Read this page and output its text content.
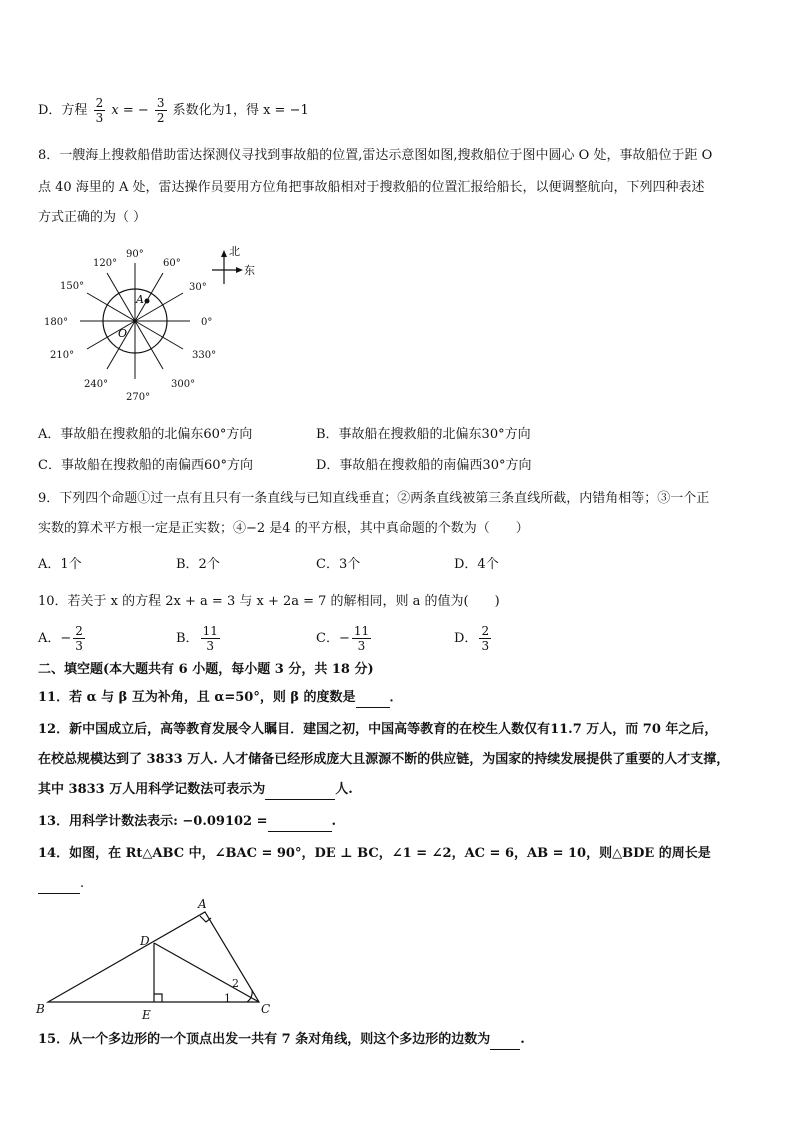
D．方程 $\frac{2}{3}$ x = − $\frac{3}{2}$ 系数化为1，得 x = −1
8．一艘海上搜救船借助雷达探测仪寻找到事故船的位置,雷达示意图如图,搜救船位于图中圆心 O 处，事故船位于距 O
点 40 海里的 A 处，雷达操作员要用方位角把事故船相对于搜救船的位置汇报给船长，以便调整航向，下列四种表述
方式正确的为（ ）
A
O
0°
30°
60°
90°
120°
150°
180°
210°
240°
270°
300°
330°
北
东
A．事故船在搜救船的北偏东60°方向	B．事故船在搜救船的北偏东30°方向
C．事故船在搜救船的南偏西60°方向	D．事故船在搜救船的南偏西30°方向
9．下列四个命题①过一点有且只有一条直线与已知直线垂直；②两条直线被第三条直线所截，内错角相等；③一个正
实数的算术平方根一定是正实数；④−2 是4 的平方根，其中真命题的个数为（　　）
A．1个	B．2个	C．3个	D．4个
10．若关于 x 的方程 2x + a = 3 与 x + 2a = 7 的解相同，则 a 的值为(　　)
A．− $\frac{2}{3}$	B． $\frac{11}{3}$	C．− $\frac{11}{3}$	D． $\frac{2}{3}$
二、填空题(本大题共有 6 小题，每小题 3 分，共 18 分)
11．若 α 与 β 互为补角，且 α=50°，则 β 的度数是	．
12．新中国成立后，高等教育发展令人瞩目．建国之初，中国高等教育的在校生人数仅有11.7 万人，而 70 年之后，
在校总规模达到了 3833 万人. 人才储备已经形成庞大且源源不断的供应链，为国家的持续发展提供了重要的人才支撑，
其中 3833 万人用科学记数法可表示为	人.
13．用科学计数法表示: −0.09102 =	.
14．如图，在 Rt△ABC 中，∠BAC = 90°，DE ⊥ BC，∠1 = ∠2，AC = 6，AB = 10，则△BDE 的周长是
.
A
B	C
D
E
1
2
15．从一个多边形的一个顶点出发一共有 7 条对角线，则这个多边形的边数为 .
